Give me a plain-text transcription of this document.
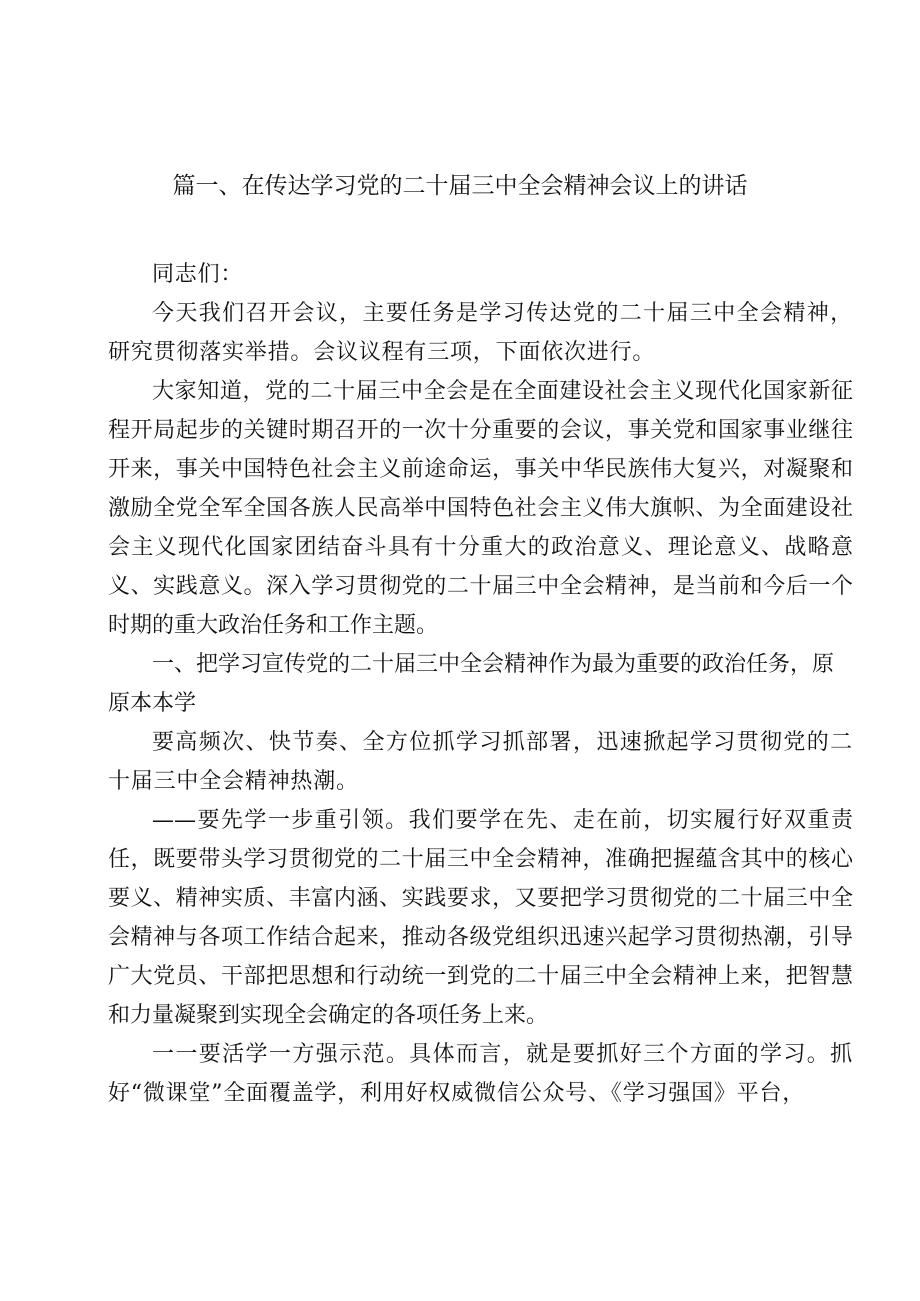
篇一、在传达学习党的二十届三中全会精神会议上的讲话

同志们：

今天我们召开会议，主要任务是学习传达党的二十届三中全会精神，研究贯彻落实举措。会议议程有三项，下面依次进行。

大家知道，党的二十届三中全会是在全面建设社会主义现代化国家新征程开局起步的关键时期召开的一次十分重要的会议，事关党和国家事业继往开来，事关中国特色社会主义前途命运，事关中华民族伟大复兴，对凝聚和激励全党全军全国各族人民高举中国特色社会主义伟大旗帜、为全面建设社会主义现代化国家团结奋斗具有十分重大的政治意义、理论意义、战略意义、实践意义。深入学习贯彻党的二十届三中全会精神，是当前和今后一个时期的重大政治任务和工作主题。

一、把学习宣传党的二十届三中全会精神作为最为重要的政治任务，原原本本学

要高频次、快节奏、全方位抓学习抓部署，迅速掀起学习贯彻党的二十届三中全会精神热潮。

——要先学一步重引领。我们要学在先、走在前，切实履行好双重责任，既要带头学习贯彻党的二十届三中全会精神，准确把握蕴含其中的核心要义、精神实质、丰富内涵、实践要求，又要把学习贯彻党的二十届三中全会精神与各项工作结合起来，推动各级党组织迅速兴起学习贯彻热潮，引导广大党员、干部把思想和行动统一到党的二十届三中全会精神上来，把智慧和力量凝聚到实现全会确定的各项任务上来。

一一要活学一方强示范。具体而言，就是要抓好三个方面的学习。抓好“微课堂”全面覆盖学，利用好权威微信公众号、《学习强国》平台，
